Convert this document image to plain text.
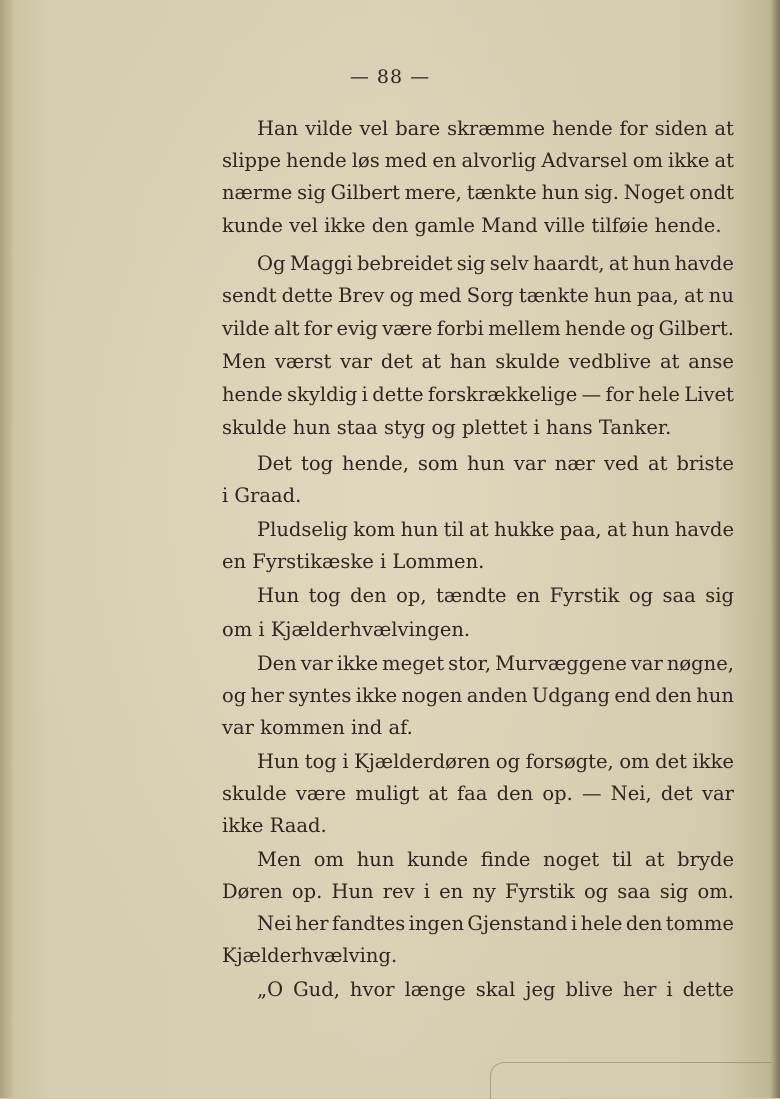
— 88 —
Han vilde vel bare skræmme hende for siden at
slippe hende løs med en alvorlig Advarsel om ikke at
nærme sig Gilbert mere, tænkte hun sig. Noget ondt
kunde vel ikke den gamle Mand ville tilføie hende.
Og Maggi bebreidet sig selv haardt, at hun havde
sendt dette Brev og med Sorg tænkte hun paa, at nu
vilde alt for evig være forbi mellem hende og Gilbert.
Men værst var det at han skulde vedblive at anse
hende skyldig i dette forskrækkelige — for hele Livet
skulde hun staa styg og plettet i hans Tanker.
Det tog hende, som hun var nær ved at briste
i Graad.
Pludselig kom hun til at hukke paa, at hun havde
en Fyrstikæske i Lommen.
Hun tog den op, tændte en Fyrstik og saa sig
om i Kjælderhvælvingen.
Den var ikke meget stor, Murvæggene var nøgne,
og her syntes ikke nogen anden Udgang end den hun
var kommen ind af.
Hun tog i Kjælderdøren og forsøgte, om det ikke
skulde være muligt at faa den op. — Nei, det var
ikke Raad.
Men om hun kunde finde noget til at bryde
Døren op. Hun rev i en ny Fyrstik og saa sig om.
Nei her fandtes ingen Gjenstand i hele den tomme
Kjælderhvælving.
„O Gud, hvor længe skal jeg blive her i dette
